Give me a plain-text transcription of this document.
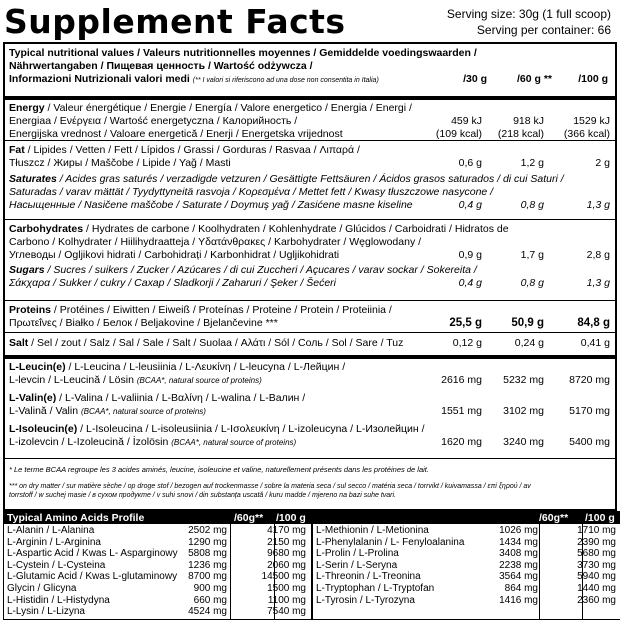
Supplement Facts	Serving size: 30g (1 full scoop)
Serving per container: 66
Typical nutritional values / Valeurs nutritionnelles moyennes / Gemiddelde voedingswaarden /
Nährwertangaben / Пищевая ценность / Wartość odżywcza /
Informazioni Nutrizionali valori medi (** I valori si riferiscono ad una dose non consentita in Italia)	/30 g	/60 g **	/100 g
Energy / Valeur énergétique / Energie / Energía / Valore energetico / Energia / Energi /
Energiaa / Ενέργεια / Wartość energetyczna / Калорийность /
Energijska vrednost / Valoare energetică / Enerji / Energetska vrijednost
459 kJ	918 kJ	1529 kJ
(109 kcal)	(218 kcal)	(366 kcal)
Fat / Lipides / Vetten / Fett / Lípidos / Grassi / Gorduras / Rasvaa / Λιπαρά /
Tłuszcz / Жиры / Maščobe / Lipide / Yağ / Masti	0,6 g	1,2 g	2 g
Saturates / Acides gras saturés / verzadigde vetzuren / Gesättigte Fettsäuren / Ácidos grasos saturados / di cui Saturi /
Saturadas / varav mättät / Tyydyttyneitä rasvoja / Κορεσμένα / Mettet fett / Kwasy tłuszczowe nasycone /
Насыщенные / Nasičene maščobe / Saturate / Doymuş yağ / Zasićene masne kiseline	0,4 g	0,8 g	1,3 g
Carbohydrates / Hydrates de carbone / Koolhydraten / Kohlenhydrate / Glúcidos / Carboidrati / Hidratos de
Carbono / Kolhydrater / Hiilihydraatteja / Υδατάνθρακες / Karbohydrater / Węglowodany /
Углеводы / Ogljikovi hidrati / Carbohidrați / Karbonhidrat / Ugljikohidrati	0,9 g	1,7 g	2,8 g
Sugars / Sucres / suikers / Zucker / Azúcares / di cui Zuccheri / Açucares / varav sockar / Sokereita /
Σάκχαρα / Sukker / cukry / Сахар / Sladkorji / Zaharuri / Şeker / Šećeri	0,4 g	0,8 g	1,3 g
Proteins / Protéines / Eiwitten / Eiweiß / Proteínas / Proteine / Protein / Proteiinia /
Πρωτεΐνες / Białko / Белок / Beljakovine / Bjelančevine ***	25,5 g	50,9 g	84,8 g
Salt / Sel / zout / Salz / Sal / Sale / Salt / Suolaa / Αλάτι / Sól / Соль / Sol / Sare / Tuz	0,12 g	0,24 g	0,41 g
L-Leucin(e) / L-Leucina / L-leusiinia / L-Λευκίνη / L-leucyna / L-Лейцин /
L-levcin / L-Leucină / Lösin (BCAA*, natural source of proteins)	2616 mg	5232 mg	8720 mg
L-Valin(e) / L-Valina / L-valiinia / L-Βαλίνη / L-walina / L-Валин /
L-Valină / Valin (BCAA*, natural source of proteins)	1551 mg	3102 mg	5170 mg
L-Isoleucin(e) / L-Isoleucina / L-isoleusiinia / L-Ισολευκίνη / L-izoleucyna / L-Изолейцин /
L-izolevcin / L-Izoleucină / İzolösin (BCAA*, natural source of proteins)	1620 mg	3240 mg	5400 mg
* Le terme BCAA regroupe les 3 acides aminés, leucine, isoleucine et valine, naturellement présents dans les protéines de lait.
*** on dry matter / sur matière sèche / op droge stof / bezogen auf trockenmasse / sobre la materia seca / sul secco / matéria seca / torrvikt / kuivamassa / επί ξηρού / av
torrstoff / w suchej masie / в сухом продукте / v suhi snovi / din substanța uscată / kuru madde / mjereno na bazi suhe tvari.
Typical Amino Acids Profile	/60g** /100 g	/60g** /100 g
L-Alanin / L-Alanina	2502 mg	4170 mg
L-Arginin / L-Arginina	1290 mg	2150 mg
L-Aspartic Acid / Kwas L- Asparginowy 5808 mg	9680 mg
L-Cystein / L-Cysteina	1236 mg	2060 mg
L-Glutamic Acid / Kwas L-glutaminowy 8700 mg	14500 mg
Glycin / Glicyna	900 mg	1500 mg
L-Histidin / L-Histydyna	660 mg	1100 mg
L-Lysin / L-Lizyna	4524 mg	7540 mg
L-Methionin / L-Metionina	1026 mg	1710 mg
L-Phenylalanin / L- Fenyloalanina	1434 mg	2390 mg
L-Prolin / L-Prolina	3408 mg	5680 mg
L-Serin / L-Seryna	2238 mg	3730 mg
L-Threonin / L-Treonina	3564 mg	5940 mg
L-Tryptophan / L-Tryptofan	864 mg	1440 mg
L-Tyrosin / L-Tyrozyna	1416 mg	2360 mg
